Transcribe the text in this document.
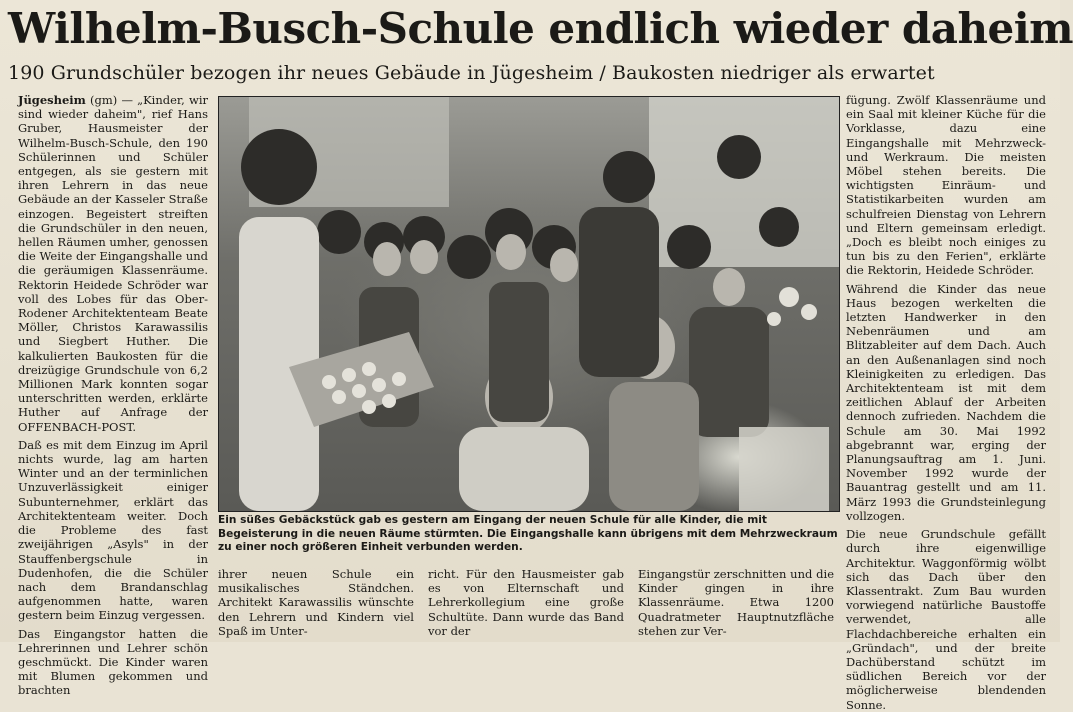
Wilhelm-Busch-Schule endlich wieder daheim
190 Grundschüler bezogen ihr neues Gebäude in Jügesheim / Baukosten niedriger als erwartet

Jügesheim (gm) — „Kinder, wir sind wieder daheim", rief Hans Gruber, Hausmeister der Wilhelm-Busch-Schule, den 190 Schülerinnen und Schüler entgegen, als sie gestern mit ihren Lehrern in das neue Gebäude an der Kasseler Straße einzogen. Begeistert streiften die Grundschüler in den neuen, hellen Räumen umher, genossen die Weite der Eingangshalle und die geräumigen Klassenräume. Rektorin Heidede Schröder war voll des Lobes für das Ober-Rodener Architektenteam Beate Möller, Christos Karawassilis und Siegbert Huther. Die kalkulierten Baukosten für die dreizügige Grundschule von 6,2 Millionen Mark konnten sogar unterschritten werden, erklärte Huther auf Anfrage der OFFENBACH-POST.

Daß es mit dem Einzug im April nichts wurde, lag am harten Winter und an der terminlichen Unzuverlässigkeit einiger Subunternehmer, erklärt das Architektenteam weiter. Doch die Probleme des fast zweijährigen „Asyls" in der Stauffenbergschule in Dudenhofen, die die Schüler nach dem Brandanschlag aufgenommen hatte, waren gestern beim Einzug vergessen.

Das Eingangstor hatten die Lehrerinnen und Lehrer schön geschmückt. Die Kinder waren mit Blumen gekommen und brachten

Ein süßes Gebäckstück gab es gestern am Eingang der neuen Schule für alle Kinder, die mit Begeisterung in die neuen Räume stürmten. Die Eingangshalle kann übrigens mit dem Mehrzweckraum zu einer noch größeren Einheit verbunden werden.

ihrer neuen Schule ein musikalisches Ständchen. Architekt Karawassilis wünschte den Lehrern und Kindern viel Spaß im Unter-

richt. Für den Hausmeister gab es von Elternschaft und Lehrerkollegium eine große Schultüte. Dann wurde das Band vor der

Eingangstür zerschnitten und die Kinder gingen in ihre Klassenräume. Etwa 1200 Quadratmeter Hauptnutzfläche stehen zur Ver-

fügung. Zwölf Klassenräume und ein Saal mit kleiner Küche für die Vorklasse, dazu eine Eingangshalle mit Mehrzweck- und Werkraum. Die meisten Möbel stehen bereits. Die wichtigsten Einräum- und Statistikarbeiten wurden am schulfreien Dienstag von Lehrern und Eltern gemeinsam erledigt. „Doch es bleibt noch einiges zu tun bis zu den Ferien", erklärte die Rektorin, Heidede Schröder.

Während die Kinder das neue Haus bezogen werkelten die letzten Handwerker in den Nebenräumen und am Blitzableiter auf dem Dach. Auch an den Außenanlagen sind noch Kleinigkeiten zu erledigen. Das Architektenteam ist mit dem zeitlichen Ablauf der Arbeiten dennoch zufrieden. Nachdem die Schule am 30. Mai 1992 abgebrannt war, erging der Planungsauftrag am 1. Juni. November 1992 wurde der Bauantrag gestellt und am 11. März 1993 die Grundsteinlegung vollzogen.

Die neue Grundschule gefällt durch ihre eigenwillige Architektur. Waggonförmig wölbt sich das Dach über den Klassentrakt. Zum Bau wurden vorwiegend natürliche Baustoffe verwendet, alle Flachdachbereiche erhalten ein „Gründach", und der breite Dachüberstand schützt im südlichen Bereich vor der möglicherweise blendenden Sonne.
